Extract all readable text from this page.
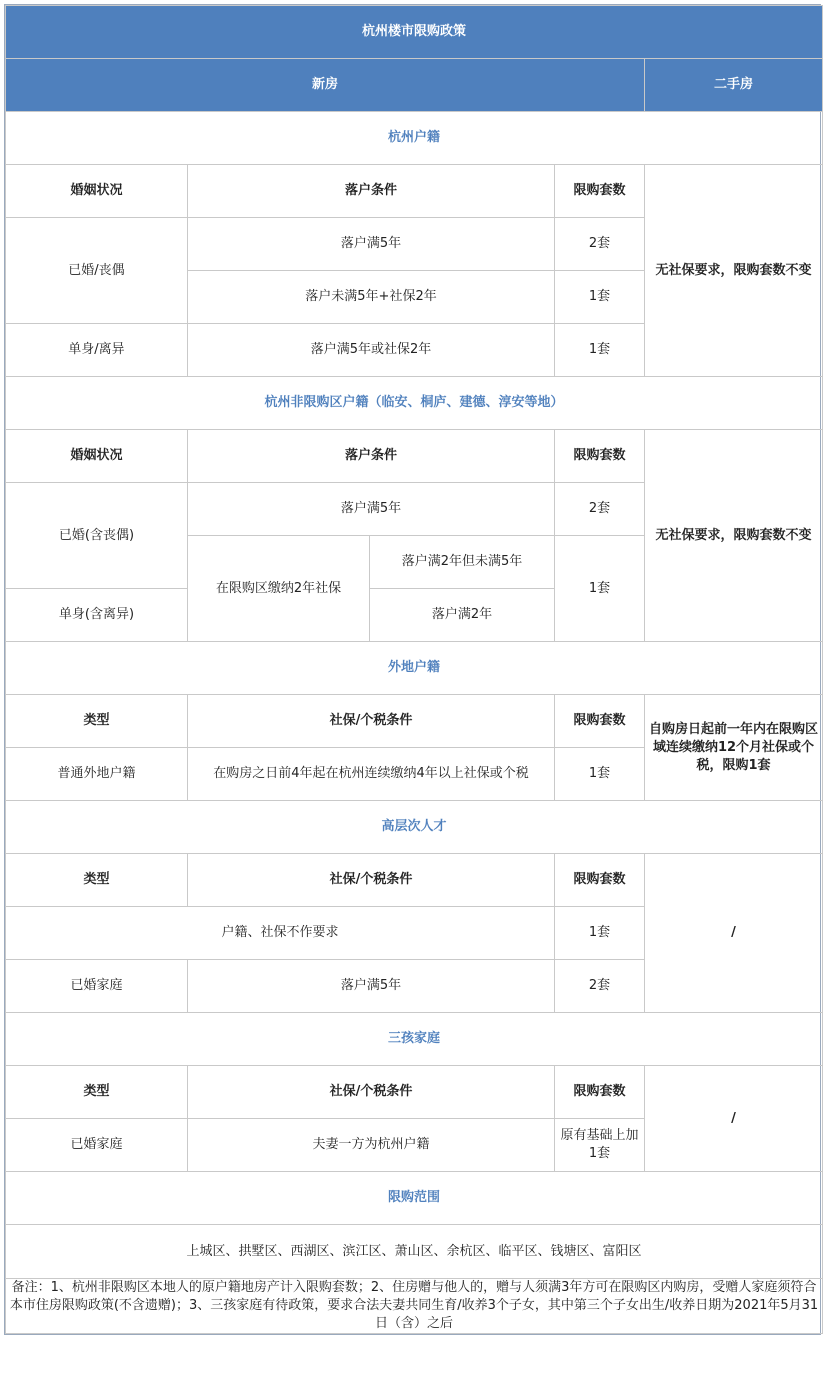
杭州楼市限购政策				
新房				二手房
杭州户籍				
婚姻状况	落户条件		限购套数	无社保要求，限购套数不变
已婚/丧偶	落户满5年		2套	
	落户未满5年+社保2年		1套	
单身/离异	落户满5年或社保2年		1套	
杭州非限购区户籍（临安、桐庐、建德、淳安等地）				
婚姻状况	落户条件		限购套数	无社保要求，限购套数不变
已婚(含丧偶)	落户满5年		2套	
	在限购区缴纳2年社保	落户满2年但未满5年	1套	
单身(含离异)		落户满2年		
外地户籍				
类型	社保/个税条件		限购套数	自购房日起前一年内在限购区域连续缴纳12个月社保或个税，限购1套
普通外地户籍	在购房之日前4年起在杭州连续缴纳4年以上社保或个税		1套	
高层次人才				
类型	社保/个税条件		限购套数	/
户籍、社保不作要求			1套	
已婚家庭	落户满5年		2套	
三孩家庭				
类型	社保/个税条件		限购套数	/
已婚家庭	夫妻一方为杭州户籍		原有基础上加1套	
限购范围				
上城区、拱墅区、西湖区、滨江区、萧山区、余杭区、临平区、钱塘区、富阳区				
备注：1、杭州非限购区本地人的原户籍地房产计入限购套数；2、住房赠与他人的，赠与人须满3年方可在限购区内购房，受赠人家庭须符合本市住房限购政策(不含遗赠)；3、三孩家庭有待政策，要求合法夫妻共同生育/收养3个子女，其中第三个子女出生/收养日期为2021年5月31日（含）之后				
